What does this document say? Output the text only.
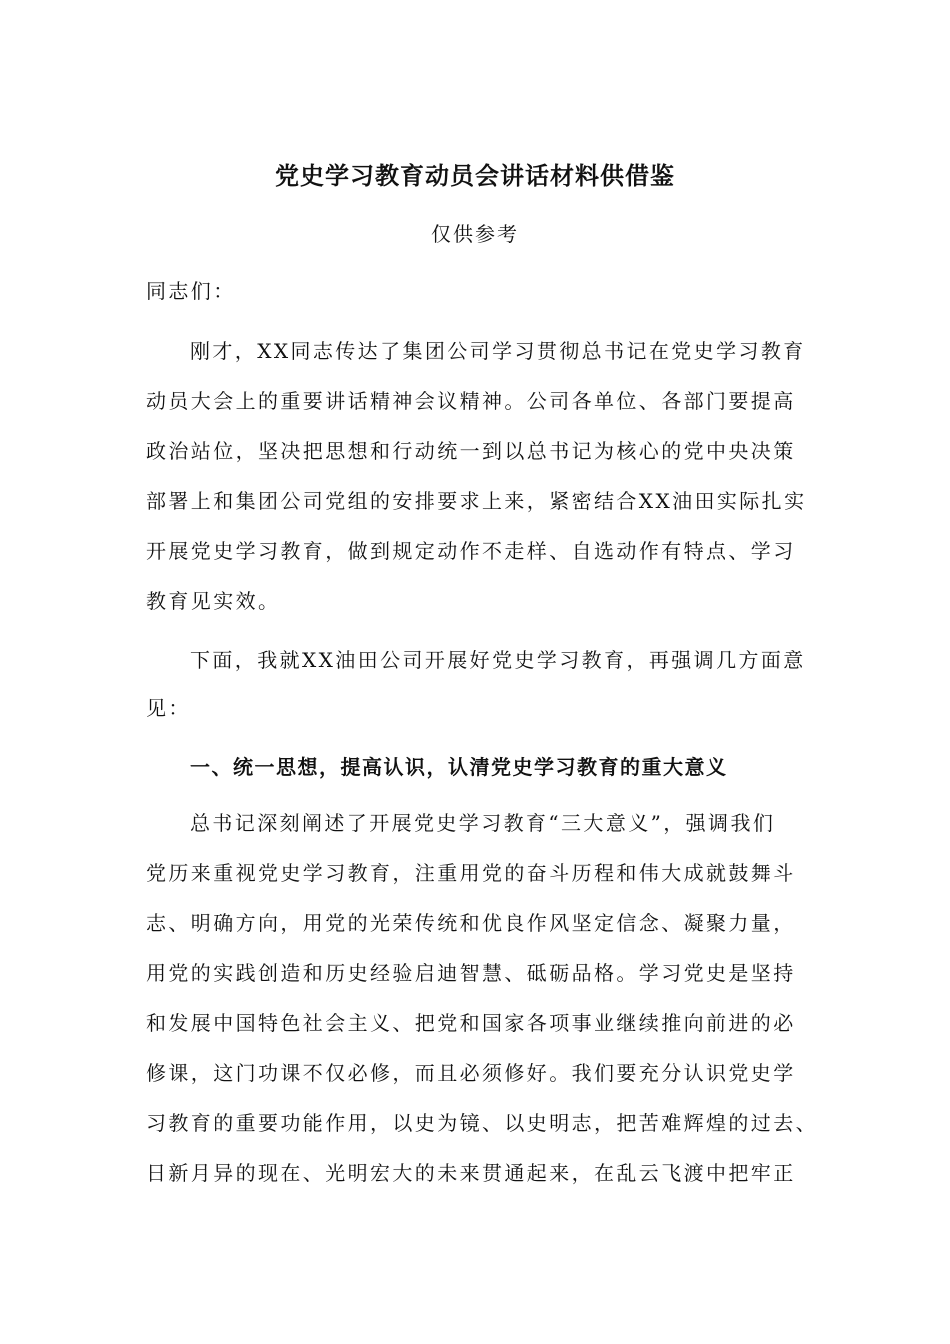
党史学习教育动员会讲话材料供借鉴
仅供参考
同志们：
刚才，XX同志传达了集团公司学习贯彻总书记在党史学习教育
动员大会上的重要讲话精神会议精神。公司各单位、各部门要提高
政治站位，坚决把思想和行动统一到以总书记为核心的党中央决策
部署上和集团公司党组的安排要求上来，紧密结合XX油田实际扎实
开展党史学习教育，做到规定动作不走样、自选动作有特点、学习
教育见实效。
下面，我就XX油田公司开展好党史学习教育，再强调几方面意
见：
一、统一思想，提高认识，认清党史学习教育的重大意义
总书记深刻阐述了开展党史学习教育“三大意义”，强调我们
党历来重视党史学习教育，注重用党的奋斗历程和伟大成就鼓舞斗
志、明确方向，用党的光荣传统和优良作风坚定信念、凝聚力量，
用党的实践创造和历史经验启迪智慧、砥砺品格。学习党史是坚持
和发展中国特色社会主义、把党和国家各项事业继续推向前进的必
修课，这门功课不仅必修，而且必须修好。我们要充分认识党史学
习教育的重要功能作用，以史为镜、以史明志，把苦难辉煌的过去、
日新月异的现在、光明宏大的未来贯通起来，在乱云飞渡中把牢正
